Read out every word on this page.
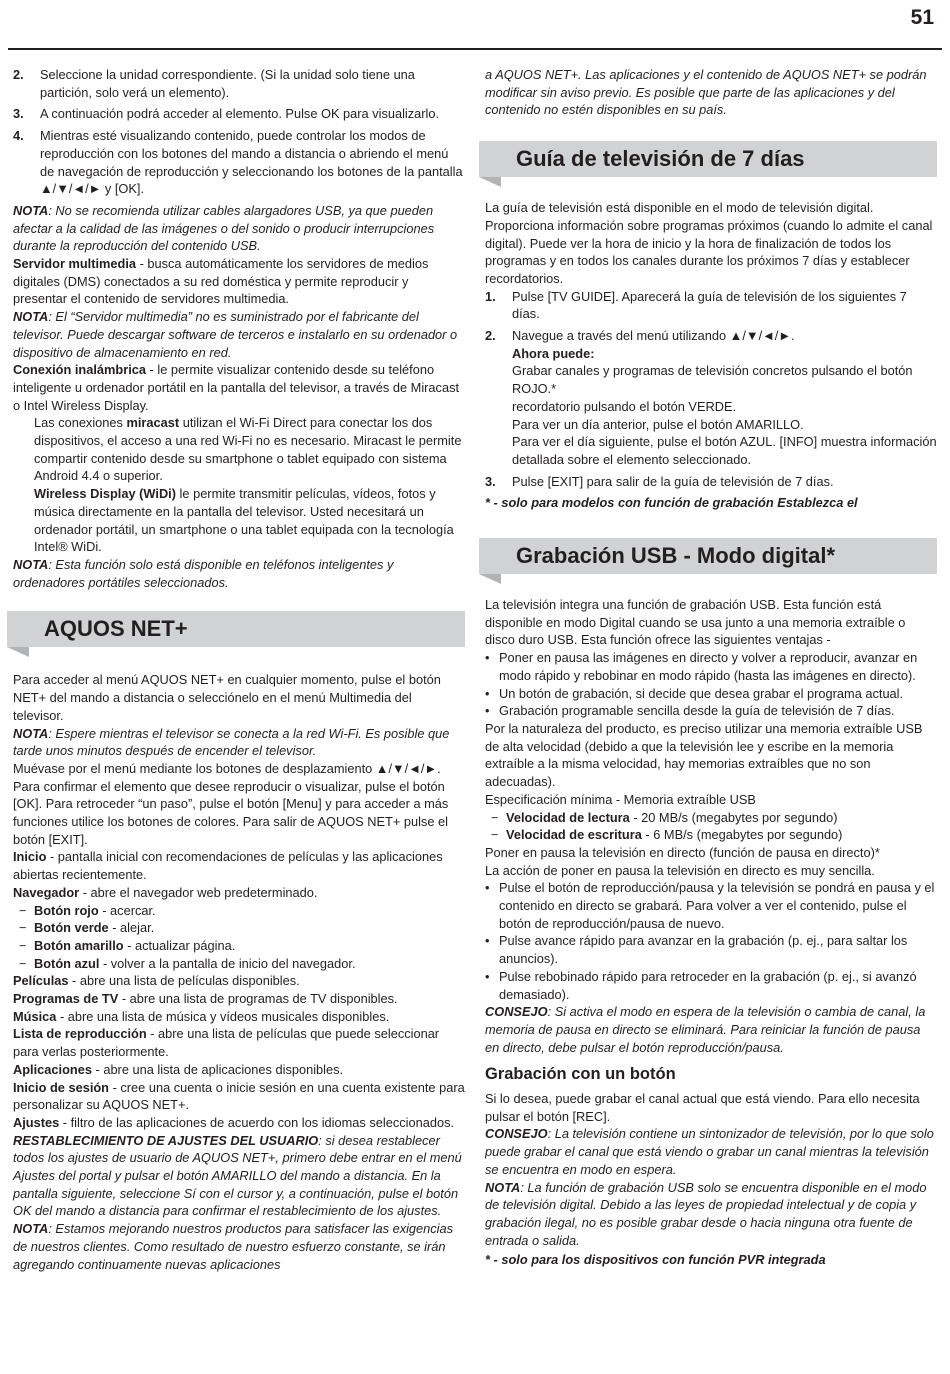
51
2.	Seleccione la unidad correspondiente. (Si la unidad solo tiene una partición, solo verá un elemento).
3.	A continuación podrá acceder al elemento. Pulse OK para visualizarlo.
4.	Mientras esté visualizando contenido, puede controlar los modos de reproducción con los botones del mando a distancia o abriendo el menú de navegación de reproducción y seleccionando los botones de la pantalla ▲/▼/◄/► y [OK].

NOTA: No se recomienda utilizar cables alargadores USB, ya que pueden afectar a la calidad de las imágenes o del sonido o producir interrupciones durante la reproducción del contenido USB.

Servidor multimedia - busca automáticamente los servidores de medios digitales (DMS) conectados a su red doméstica y permite reproducir y presentar el contenido de servidores multimedia.

NOTA: El “Servidor multimedia” no es suministrado por el fabricante del televisor. Puede descargar software de terceros e instalarlo en su ordenador o dispositivo de almacenamiento en red.

Conexión inalámbrica - le permite visualizar contenido desde su teléfono inteligente u ordenador portátil en la pantalla del televisor, a través de Miracast o Intel Wireless Display.

Las conexiones miracast utilizan el Wi-Fi Direct para conectar los dos dispositivos, el acceso a una red Wi-Fi no es necesario. Miracast le permite compartir contenido desde su smartphone o tablet equipado con sistema Android 4.4 o superior.

Wireless Display (WiDi) le permite transmitir películas, vídeos, fotos y música directamente en la pantalla del televisor. Usted necesitará un ordenador portátil, un smartphone o una tablet equipada con la tecnología Intel® WiDi.

NOTA: Esta función solo está disponible en teléfonos inteligentes y ordenadores portátiles seleccionados.

AQUOS NET+

Para acceder al menú AQUOS NET+ en cualquier momento, pulse el botón NET+ del mando a distancia o selecciónelo en el menú Multimedia del televisor.

NOTA: Espere mientras el televisor se conecta a la red Wi-Fi. Es posible que tarde unos minutos después de encender el televisor.

Muévase por el menú mediante los botones de desplazamiento ▲/▼/◄/►. Para confirmar el elemento que desee reproducir o visualizar, pulse el botón [OK]. Para retroceder “un paso”, pulse el botón [Menu] y para acceder a más funciones utilice los botones de colores. Para salir de AQUOS NET+ pulse el botón [EXIT].

Inicio - pantalla inicial con recomendaciones de películas y las aplicaciones abiertas recientemente.

Navegador - abre el navegador web predeterminado.

− Botón rojo - acercar.
− Botón verde - alejar.
− Botón amarillo - actualizar página.
− Botón azul - volver a la pantalla de inicio del navegador.

Películas - abre una lista de películas disponibles.

Programas de TV - abre una lista de programas de TV disponibles.

Música - abre una lista de música y vídeos musicales disponibles.

Lista de reproducción - abre una lista de películas que puede seleccionar para verlas posteriormente.

Aplicaciones - abre una lista de aplicaciones disponibles.

Inicio de sesión - cree una cuenta o inicie sesión en una cuenta existente para personalizar su AQUOS NET+.

Ajustes - filtro de las aplicaciones de acuerdo con los idiomas seleccionados.

RESTABLECIMIENTO DE AJUSTES DEL USUARIO: si desea restablecer todos los ajustes de usuario de AQUOS NET+, primero debe entrar en el menú Ajustes del portal y pulsar el botón AMARILLO del mando a distancia. En la pantalla siguiente, seleccione Sí con el cursor y, a continuación, pulse el botón OK del mando a distancia para confirmar el restablecimiento de los ajustes.

NOTA: Estamos mejorando nuestros productos para satisfacer las exigencias de nuestros clientes. Como resultado de nuestro esfuerzo constante, se irán agregando continuamente nuevas aplicaciones

a AQUOS NET+. Las aplicaciones y el contenido de AQUOS NET+ se podrán modificar sin aviso previo. Es posible que parte de las aplicaciones y del contenido no estén disponibles en su país.

Guía de televisión de 7 días

La guía de televisión está disponible en el modo de televisión digital. Proporciona información sobre programas próximos (cuando lo admite el canal digital). Puede ver la hora de inicio y la hora de finalización de todos los programas y en todos los canales durante los próximos 7 días y establecer recordatorios.

1.	Pulse [TV GUIDE]. Aparecerá la guía de televisión de los siguientes 7 días.
2.	Navegue a través del menú utilizando ▲/▼/◄/►.

Ahora puede:

Grabar canales y programas de televisión concretos pulsando el botón ROJO.*

recordatorio pulsando el botón VERDE.

Para ver un día anterior, pulse el botón AMARILLO.

Para ver el día siguiente, pulse el botón AZUL. [INFO] muestra información detallada sobre el elemento seleccionado.

3.	Pulse [EXIT] para salir de la guía de televisión de 7 días.

* - solo para modelos con función de grabación Establezca el

Grabación USB - Modo digital*

La televisión integra una función de grabación USB. Esta función está disponible en modo Digital cuando se usa junto a una memoria extraíble o disco duro USB. Esta función ofrece las siguientes ventajas -

• Poner en pausa las imágenes en directo y volver a reproducir, avanzar en modo rápido y rebobinar en modo rápido (hasta las imágenes en directo).
• Un botón de grabación, si decide que desea grabar el programa actual.
• Grabación programable sencilla desde la guía de televisión de 7 días.

Por la naturaleza del producto, es preciso utilizar una memoria extraíble USB de alta velocidad (debido a que la televisión lee y escribe en la memoria extraíble a la misma velocidad, hay memorias extraíbles que no son adecuadas).

Especificación mínima - Memoria extraíble USB

− Velocidad de lectura - 20 MB/s (megabytes por segundo)
− Velocidad de escritura - 6 MB/s (megabytes por segundo)

Poner en pausa la televisión en directo (función de pausa en directo)*

La acción de poner en pausa la televisión en directo es muy sencilla.

• Pulse el botón de reproducción/pausa y la televisión se pondrá en pausa y el contenido en directo se grabará. Para volver a ver el contenido, pulse el botón de reproducción/pausa de nuevo.
• Pulse avance rápido para avanzar en la grabación (p. ej., para saltar los anuncios).
• Pulse rebobinado rápido para retroceder en la grabación (p. ej., si avanzó demasiado).

CONSEJO: Si activa el modo en espera de la televisión o cambia de canal, la memoria de pausa en directo se eliminará. Para reiniciar la función de pausa en directo, debe pulsar el botón reproducción/pausa.

Grabación con un botón

Si lo desea, puede grabar el canal actual que está viendo. Para ello necesita pulsar el botón [REC].

CONSEJO: La televisión contiene un sintonizador de televisión, por lo que solo puede grabar el canal que está viendo o grabar un canal mientras la televisión se encuentra en modo en espera.

NOTA: La función de grabación USB solo se encuentra disponible en el modo de televisión digital. Debido a las leyes de propiedad intelectual y de copia y grabación ilegal, no es posible grabar desde o hacia ninguna otra fuente de entrada o salida.

* - solo para los dispositivos con función PVR integrada
